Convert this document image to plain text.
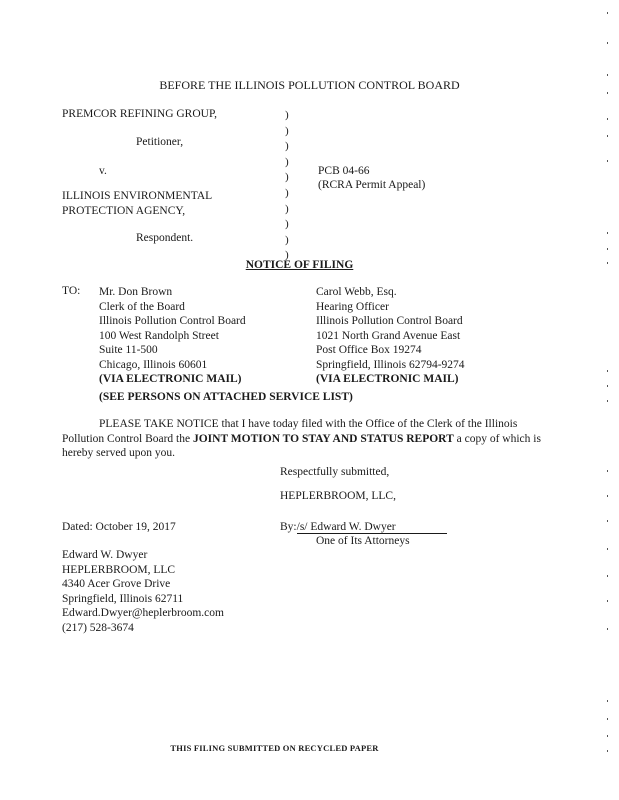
BEFORE THE ILLINOIS POLLUTION CONTROL BOARD
PREMCOR REFINING GROUP,
Petitioner,
v.
ILLINOIS ENVIRONMENTAL
PROTECTION AGENCY,
Respondent.
)
)
)
)
)
)
)
)
)
)
PCB 04-66
(RCRA Permit Appeal)
NOTICE OF FILING
TO: Mr. Don Brown
Clerk of the Board
Illinois Pollution Control Board
100 West Randolph Street
Suite 11-500
Chicago, Illinois 60601
(VIA ELECTRONIC MAIL)
Carol Webb, Esq.
Hearing Officer
Illinois Pollution Control Board
1021 North Grand Avenue East
Post Office Box 19274
Springfield, Illinois 62794-9274
(VIA ELECTRONIC MAIL)
(SEE PERSONS ON ATTACHED SERVICE LIST)
PLEASE TAKE NOTICE that I have today filed with the Office of the Clerk of the Illinois Pollution Control Board the JOINT MOTION TO STAY AND STATUS REPORT a copy of which is hereby served upon you.
Respectfully submitted,
HEPLERBROOM, LLC,
Dated: October 19, 2017	By:/s/ Edward W. Dwyer
One of Its Attorneys
Edward W. Dwyer
HEPLERBROOM, LLC
4340 Acer Grove Drive
Springfield, Illinois 62711
Edward.Dwyer@heplerbroom.com
(217) 528-3674
THIS FILING SUBMITTED ON RECYCLED PAPER
